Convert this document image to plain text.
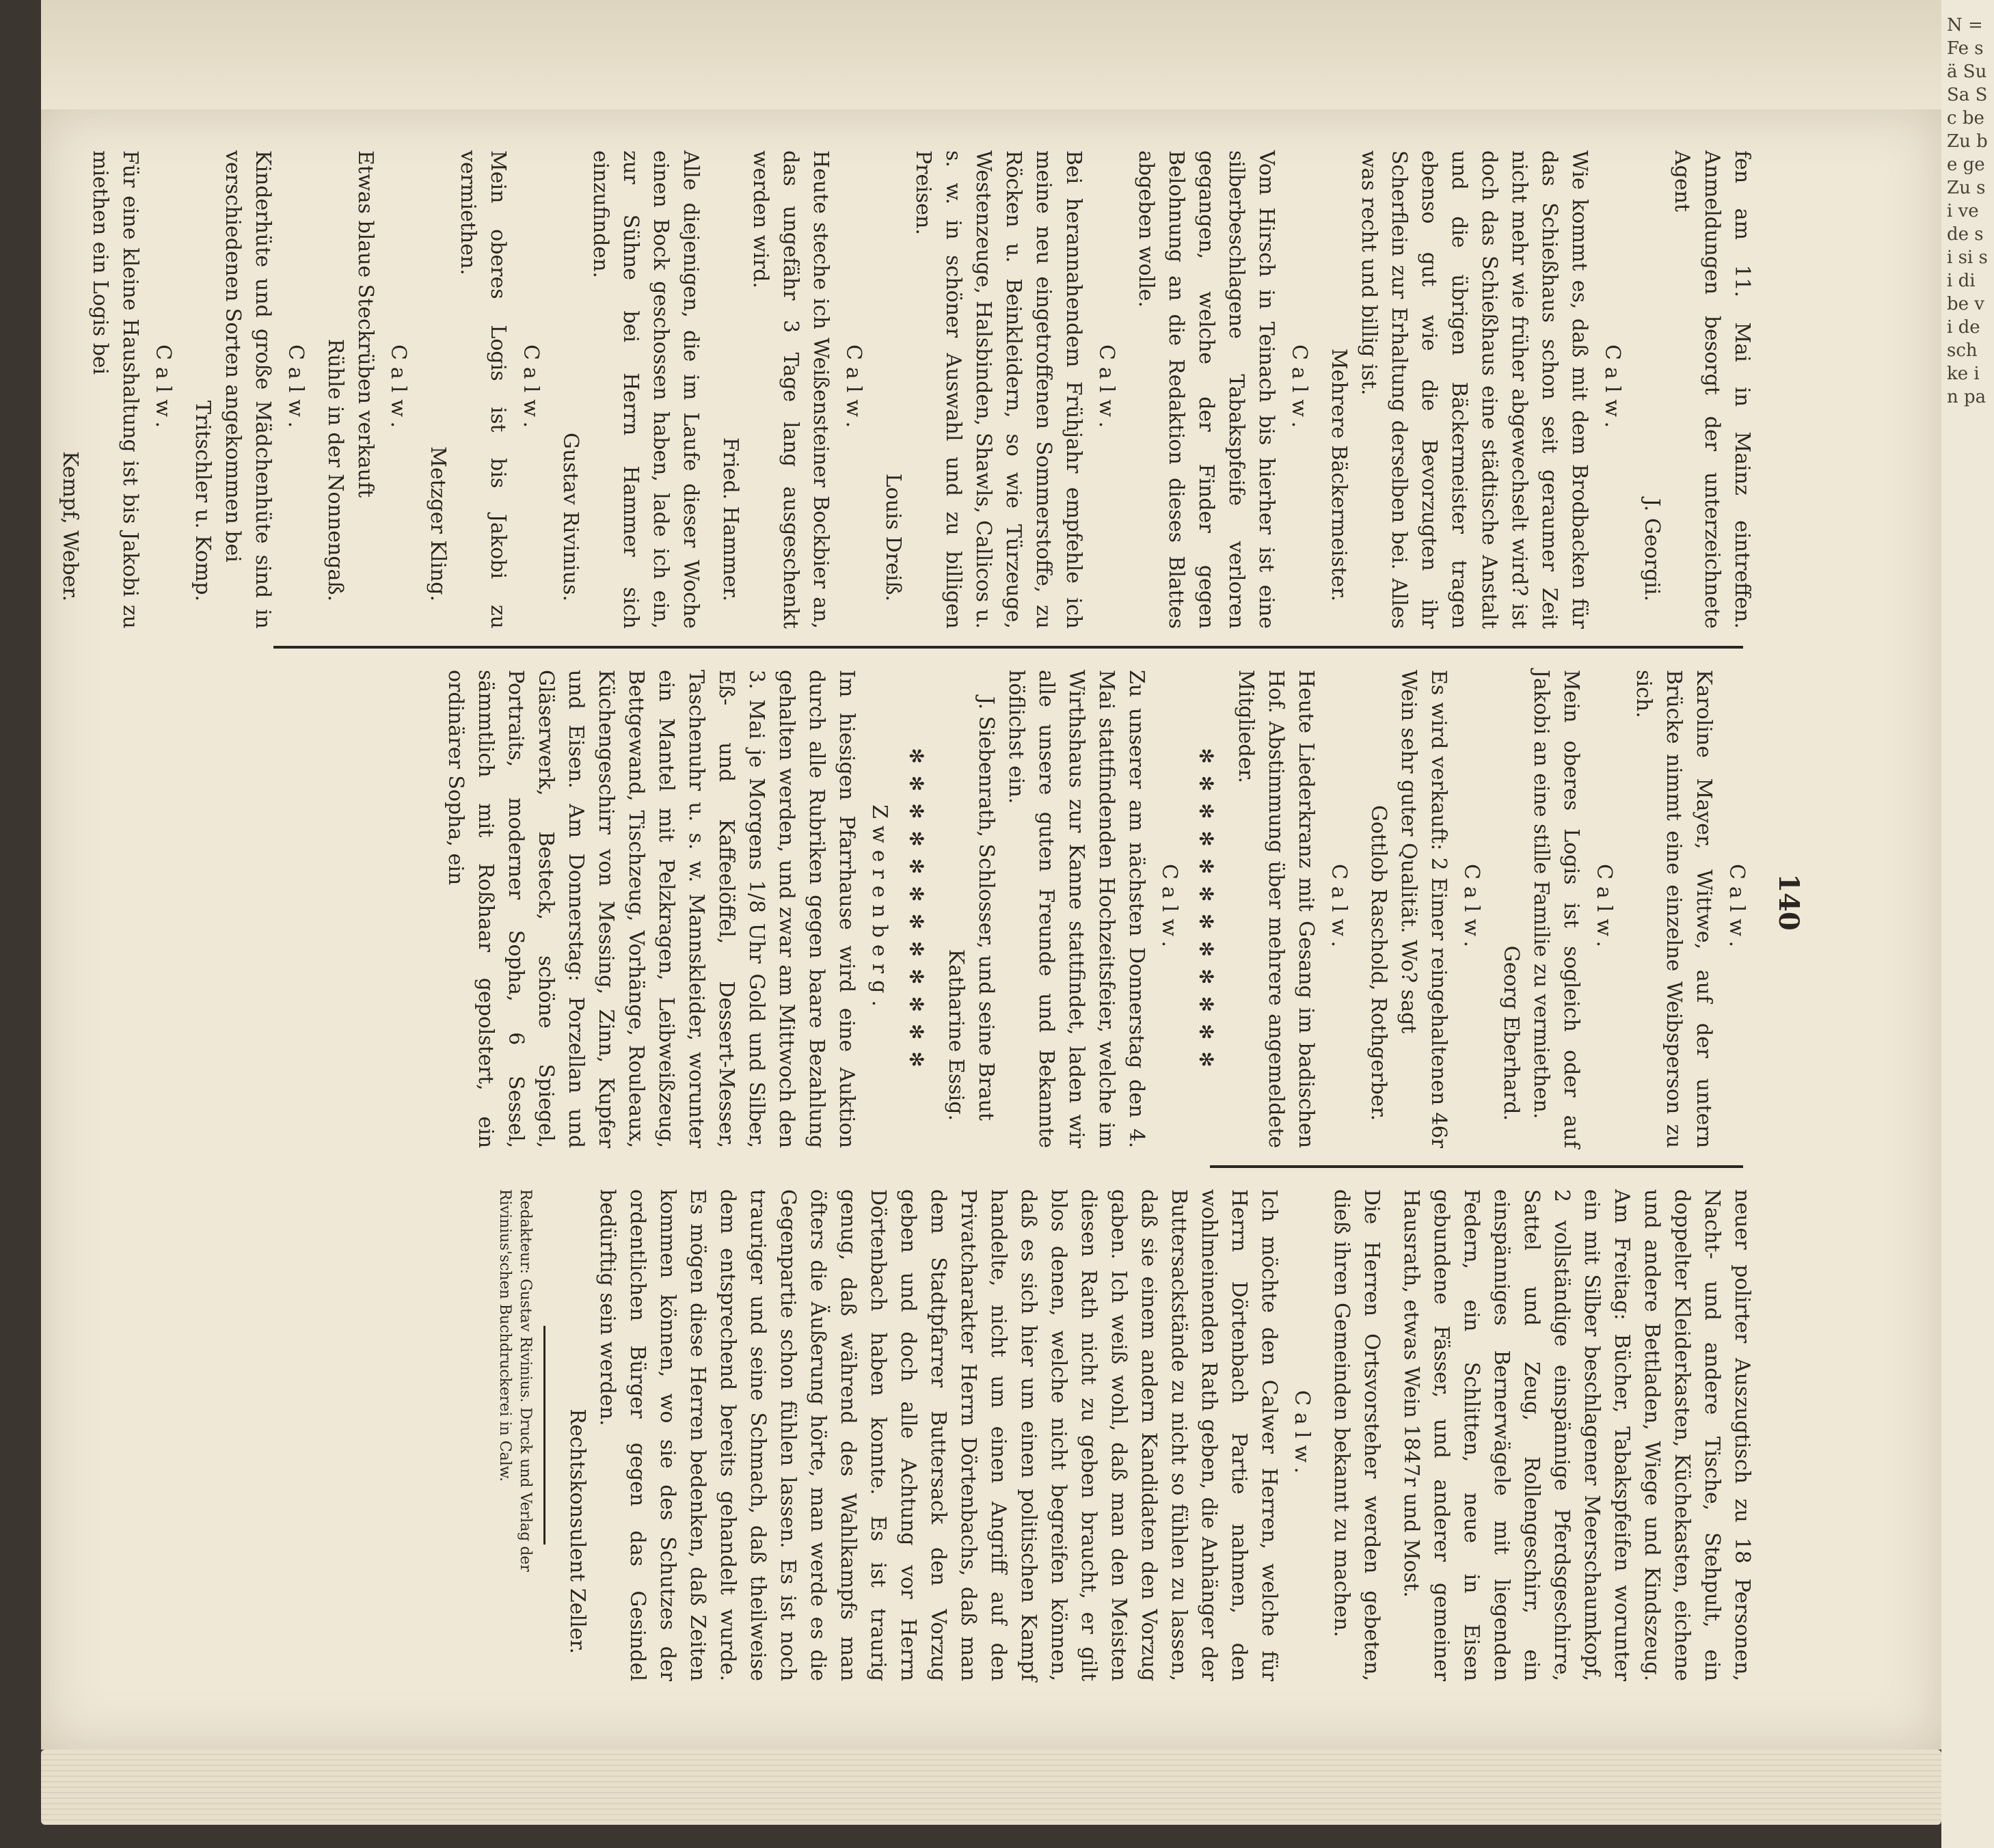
N = Fe sä Su Sa Sc be Zu be ge Zu si ve de si si si di be vi de sch ke in pa
140

fen am 11. Mai in Mainz eintreffen. Anmeldungen besorgt der unterzeichnete Agent

J. Georgii.
Calw.

Wie kommt es, daß mit dem Brodbacken für das Schießhaus schon seit geraumer Zeit nicht mehr wie früher abgewechselt wird? ist doch das Schießhaus eine städtische Anstalt und die übrigen Bäckermeister tragen ebenso gut wie die Bevorzugten ihr Scherflein zur Erhaltung derselben bei. Alles was recht und billig ist.

Mehrere Bäckermeister.
Calw.

Vom Hirsch in Teinach bis hierher ist eine silberbeschlagene Tabakspfeife verloren gegangen, welche der Finder gegen Belohnung an die Redaktion dieses Blattes abgeben wolle.

Calw.

Bei herannahendem Frühjahr empfehle ich meine neu eingetroffenen Sommerstoffe, zu Röcken u. Beinkleidern, so wie Türzeuge, Westenzeuge, Halsbinden, Shawls, Callicos u. s. w. in schöner Auswahl und zu billigen Preisen.

Louis Dreiß.
Calw.

Heute steche ich Weißensteiner Bockbier an, das ungefähr 3 Tage lang ausgeschenkt werden wird.

Fried. Hammer.

Alle diejenigen, die im Laufe dieser Woche einen Bock geschossen haben, lade ich ein, zur Sühne bei Herrn Hammer sich einzufinden.

Gustav Rivinius.
Calw.

Mein oberes Logis ist bis Jakobi zu vermiethen.

Metzger Kling.
Calw.

Etwas blaue Steckrüben verkauft

Rühle in der Nonnengaß.
Calw.

Kinderhüte und große Mädchenhüte sind in verschiedenen Sorten angekommen bei

Tritschler u. Komp.
Calw.

Für eine kleine Haushaltung ist bis Jakobi zu miethen ein Logis bei

Kempf, Weber.
Calw.

Karoline Mayer, Wittwe, auf der untern Brücke nimmt eine einzelne Weibsperson zu sich.

Calw.

Mein oberes Logis ist sogleich oder auf Jakobi an eine stille Familie zu vermiethen.

Georg Eberhard.
Calw.

Es wird verkauft: 2 Eimer reingehaltenen 46r Wein sehr guter Qualität. Wo? sagt

Gottlob Raschold, Rothgerber.
Calw.

Heute Liederkranz mit Gesang im badischen Hof. Abstimmung über mehrere angemeldete Mitglieder.

✻ ✻ ✻ ✻ ✻ ✻ ✻ ✻ ✻ ✻ ✻ ✻
Calw.

Zu unserer am nächsten Donnerstag den 4. Mai stattfindenden Hochzeitsfeier, welche im Wirthshaus zur Kanne stattfindet, laden wir alle unsere guten Freunde und Bekannte höflichst ein.

J. Siebenrath, Schlosser, und seine Braut Katharine Essig.
✻ ✻ ✻ ✻ ✻ ✻ ✻ ✻ ✻ ✻ ✻ ✻
Zwerenberg.

Im hiesigen Pfarrhause wird eine Auktion durch alle Rubriken gegen baare Bezahlung gehalten werden, und zwar am Mittwoch den 3. Mai je Morgens 1/8 Uhr Gold und Silber, Eß- und Kaffeelöffel, Dessert-Messer, Taschenuhr u. s. w. Mannskleider, worunter ein Mantel mit Pelzkragen, Leibweißzeug, Bettgewand, Tischzeug, Vorhänge, Rouleaux, Küchengeschirr von Messing, Zinn, Kupfer und Eisen. Am Donnerstag: Porzellan und Gläserwerk, Besteck, schöne Spiegel, Portraits, moderner Sopha, 6 Sessel, sämmtlich mit Roßhaar gepolstert, ein ordinärer Sopha, ein

neuer polirter Auszugtisch zu 18 Personen, Nacht- und andere Tische, Stehpult, ein doppelter Kleiderkasten, Küchekasten, eichene und andere Bettladen, Wiege und Kindszeug. Am Freitag: Bücher, Tabakspfeifen worunter ein mit Silber beschlagener Meerschaumkopf, 2 vollständige einspännige Pferdsgeschirre, Sattel und Zeug, Rollengeschirr, ein einspänniges Bernerwägele mit liegenden Federn, ein Schlitten, neue in Eisen gebundene Fässer, und anderer gemeiner Hausrath, etwas Wein 1847r und Most.

Die Herren Ortsvorsteher werden gebeten, dieß ihren Gemeinden bekannt zu machen.

Calw.

Ich möchte den Calwer Herren, welche für Herrn Dörtenbach Partie nahmen, den wohlmeinenden Rath geben, die Anhänger der Buttersackstände zu nicht so fühlen zu lassen, daß sie einem andern Kandidaten den Vorzug gaben. Ich weiß wohl, daß man den Meisten diesen Rath nicht zu geben braucht, er gilt blos denen, welche nicht begreifen können, daß es sich hier um einen politischen Kampf handelte, nicht um einen Angriff auf den Privatcharakter Herrn Dörtenbachs, daß man dem Stadtpfarrer Buttersack den Vorzug geben und doch alle Achtung vor Herrn Dörtenbach haben konnte. Es ist traurig genug, daß während des Wahlkampfs man öfters die Äußerung hörte, man werde es die Gegenpartie schon fühlen lassen. Es ist noch trauriger und seine Schmach, daß theilweise dem entsprechend bereits gehandelt wurde. Es mögen diese Herren bedenken, daß Zeiten kommen können, wo sie des Schutzes der ordentlichen Bürger gegen das Gesindel bedürftig sein werden.

Rechtskonsulent Zeller.
Redakteur: Gustav Rivinius. Druck und Verlag der Rivinius'schen Buchdruckerei in Calw.
